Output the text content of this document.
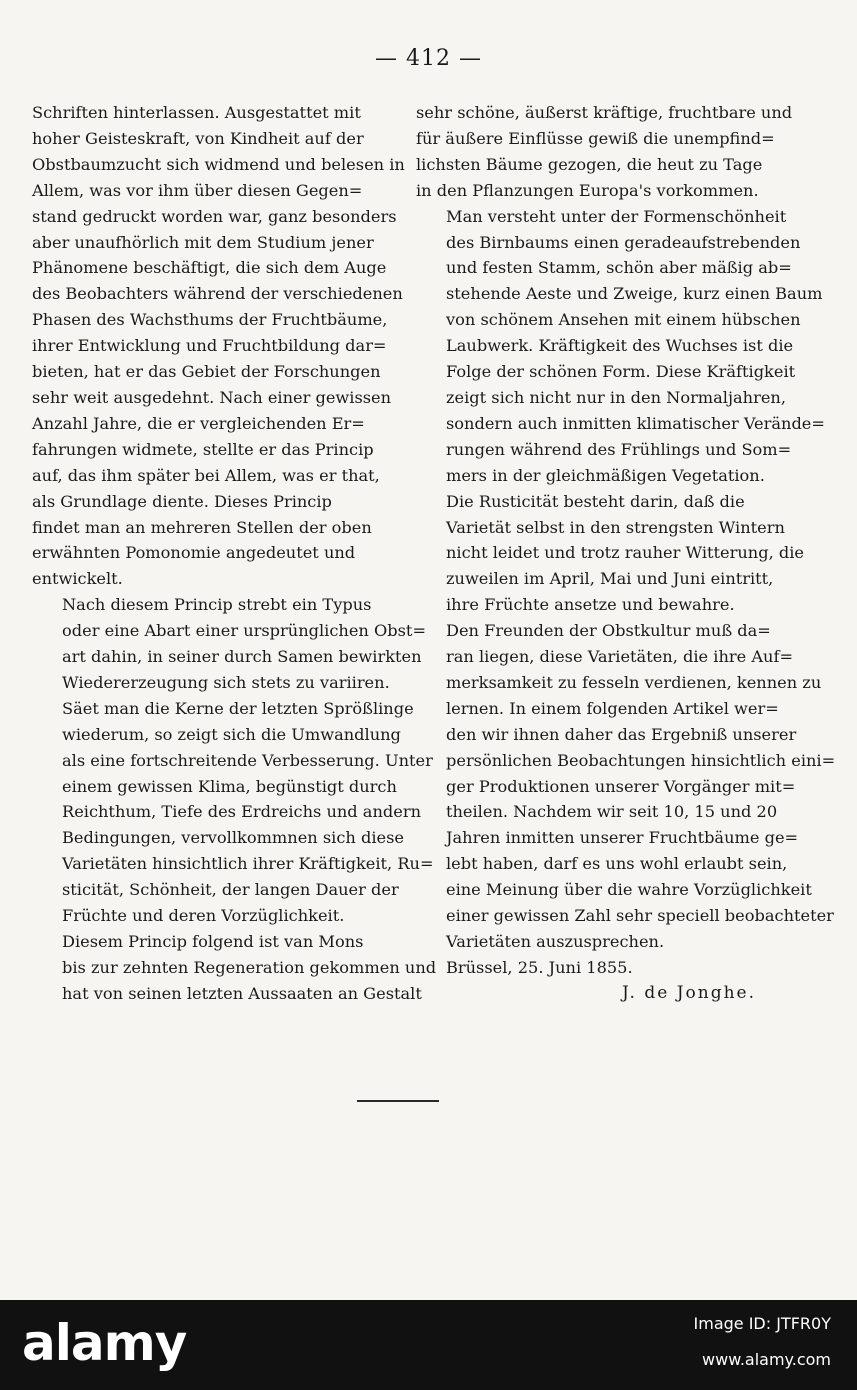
— 412 —

Schriften hinterlassen. Ausgestattet mit
hoher Geisteskraft, von Kindheit auf der
Obstbaumzucht sich widmend und belesen in
Allem, was vor ihm über diesen Gegen=
stand gedruckt worden war, ganz besonders
aber unaufhörlich mit dem Studium jener
Phänomene beschäftigt, die sich dem Auge
des Beobachters während der verschiedenen
Phasen des Wachsthums der Fruchtbäume,
ihrer Entwicklung und Fruchtbildung dar=
bieten, hat er das Gebiet der Forschungen
sehr weit ausgedehnt. Nach einer gewissen
Anzahl Jahre, die er vergleichenden Er=
fahrungen widmete, stellte er das Princip
auf, das ihm später bei Allem, was er that,
als Grundlage diente. Dieses Princip
findet man an mehreren Stellen der oben
erwähnten Pomonomie angedeutet und
entwickelt.

Nach diesem Princip strebt ein Typus
oder eine Abart einer ursprünglichen Obst=
art dahin, in seiner durch Samen bewirkten
Wiedererzeugung sich stets zu variiren.
Säet man die Kerne der letzten Sprößlinge
wiederum, so zeigt sich die Umwandlung
als eine fortschreitende Verbesserung. Unter
einem gewissen Klima, begünstigt durch
Reichthum, Tiefe des Erdreichs und andern
Bedingungen, vervollkommnen sich diese
Varietäten hinsichtlich ihrer Kräftigkeit, Ru=
sticität, Schönheit, der langen Dauer der
Früchte und deren Vorzüglichkeit.

Diesem Princip folgend ist van Mons
bis zur zehnten Regeneration gekommen und
hat von seinen letzten Aussaaten an Gestalt

sehr schöne, äußerst kräftige, fruchtbare und
für äußere Einflüsse gewiß die unempfind=
lichsten Bäume gezogen, die heut zu Tage
in den Pflanzungen Europa's vorkommen.

Man versteht unter der Formenschönheit
des Birnbaums einen geradeaufstrebenden
und festen Stamm, schön aber mäßig ab=
stehende Aeste und Zweige, kurz einen Baum
von schönem Ansehen mit einem hübschen
Laubwerk. Kräftigkeit des Wuchses ist die
Folge der schönen Form. Diese Kräftigkeit
zeigt sich nicht nur in den Normaljahren,
sondern auch inmitten klimatischer Verände=
rungen während des Frühlings und Som=
mers in der gleichmäßigen Vegetation.

Die Rusticität besteht darin, daß die
Varietät selbst in den strengsten Wintern
nicht leidet und trotz rauher Witterung, die
zuweilen im April, Mai und Juni eintritt,
ihre Früchte ansetze und bewahre.

Den Freunden der Obstkultur muß da=
ran liegen, diese Varietäten, die ihre Auf=
merksamkeit zu fesseln verdienen, kennen zu
lernen. In einem folgenden Artikel wer=
den wir ihnen daher das Ergebniß unserer
persönlichen Beobachtungen hinsichtlich eini=
ger Produktionen unserer Vorgänger mit=
theilen. Nachdem wir seit 10, 15 und 20
Jahren inmitten unserer Fruchtbäume ge=
lebt haben, darf es uns wohl erlaubt sein,
eine Meinung über die wahre Vorzüglichkeit
einer gewissen Zahl sehr speciell beobachteter
Varietäten auszusprechen.

Brüssel, 25. Juni 1855.

J. de Jonghe.

alamy	Image ID: JTFR0Y
www.alamy.com
